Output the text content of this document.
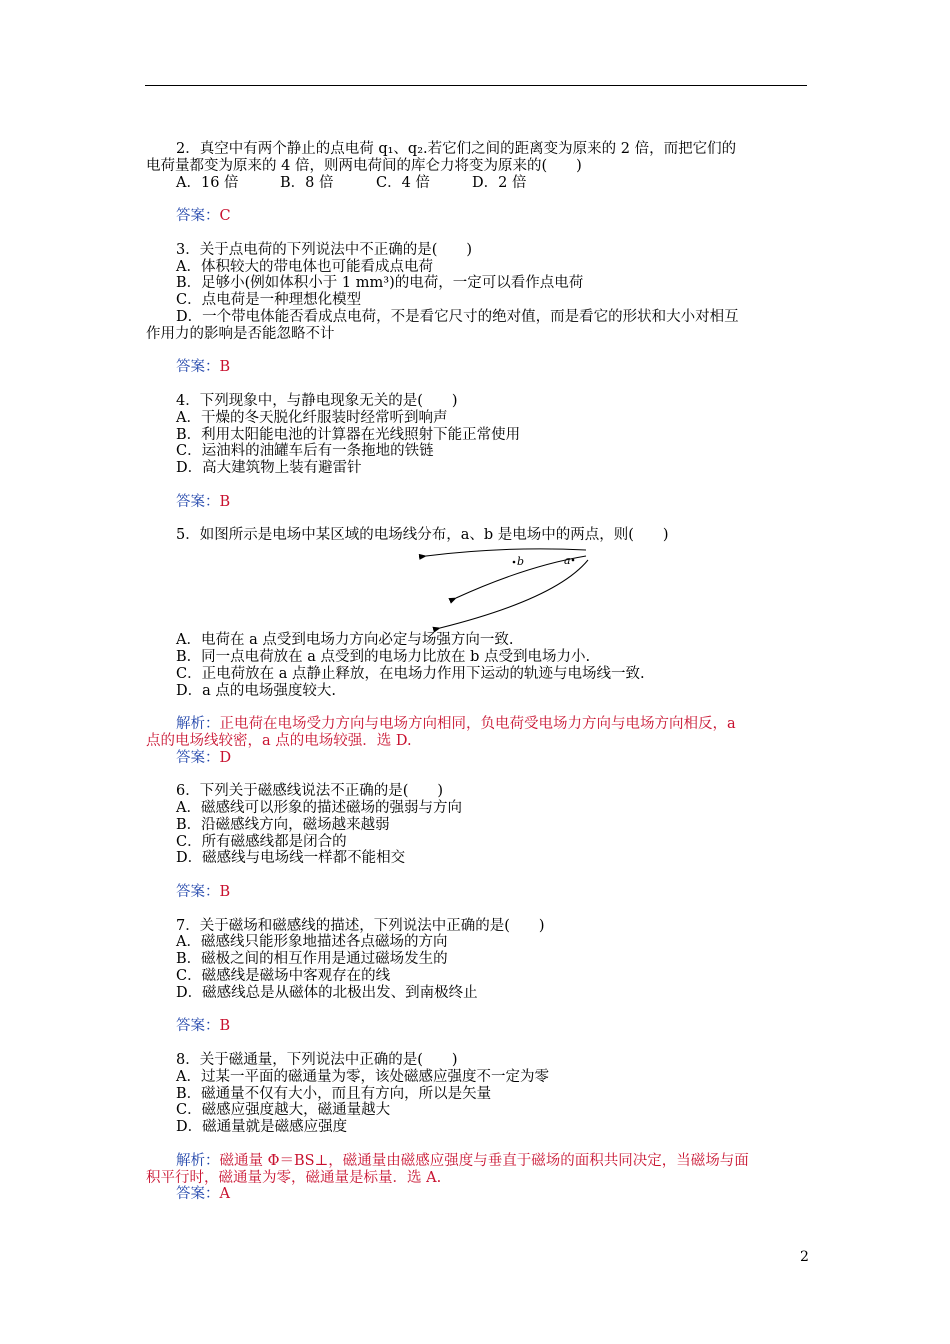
2．真空中有两个静止的点电荷 q₁、q₂.若它们之间的距离变为原来的 2 倍，而把它们的
电荷量都变为原来的 4 倍，则两电荷间的库仑力将变为原来的(　　)
A．16 倍	B．8 倍	C．4 倍	D．2 倍
答案：C
3．关于点电荷的下列说法中不正确的是(　　)
A．体积较大的带电体也可能看成点电荷
B．足够小(例如体积小于 1 mm³)的电荷，一定可以看作点电荷
C．点电荷是一种理想化模型
D．一个带电体能否看成点电荷，不是看它尺寸的绝对值，而是看它的形状和大小对相互
作用力的影响是否能忽略不计
答案：B
4．下列现象中，与静电现象无关的是(　　)
A．干燥的冬天脱化纤服装时经常听到响声
B．利用太阳能电池的计算器在光线照射下能正常使用
C．运油料的油罐车后有一条拖地的铁链
D．高大建筑物上装有避雷针
答案：B
5．如图所示是电场中某区域的电场线分布，a、b 是电场中的两点，则(　　)
b	a
A．电荷在 a 点受到电场力方向必定与场强方向一致.
B．同一点电荷放在 a 点受到的电场力比放在 b 点受到电场力小.
C．正电荷放在 a 点静止释放，在电场力作用下运动的轨迹与电场线一致.
D．a 点的电场强度较大.
解析：正电荷在电场受力方向与电场方向相同，负电荷受电场力方向与电场方向相反，a
点的电场线较密，a 点的电场较强．选 D.
答案：D
6．下列关于磁感线说法不正确的是(　　)
A．磁感线可以形象的描述磁场的强弱与方向
B．沿磁感线方向，磁场越来越弱
C．所有磁感线都是闭合的
D．磁感线与电场线一样都不能相交
答案：B
7．关于磁场和磁感线的描述，下列说法中正确的是(　　)
A．磁感线只能形象地描述各点磁场的方向
B．磁极之间的相互作用是通过磁场发生的
C．磁感线是磁场中客观存在的线
D．磁感线总是从磁体的北极出发、到南极终止
答案：B
8．关于磁通量，下列说法中正确的是(　　)
A．过某一平面的磁通量为零，该处磁感应强度不一定为零
B．磁通量不仅有大小，而且有方向，所以是矢量
C．磁感应强度越大，磁通量越大
D．磁通量就是磁感应强度
解析：磁通量 Φ＝BS⊥，磁通量由磁感应强度与垂直于磁场的面积共同决定，当磁场与面
积平行时，磁通量为零，磁通量是标量．选 A.
答案：A
2
